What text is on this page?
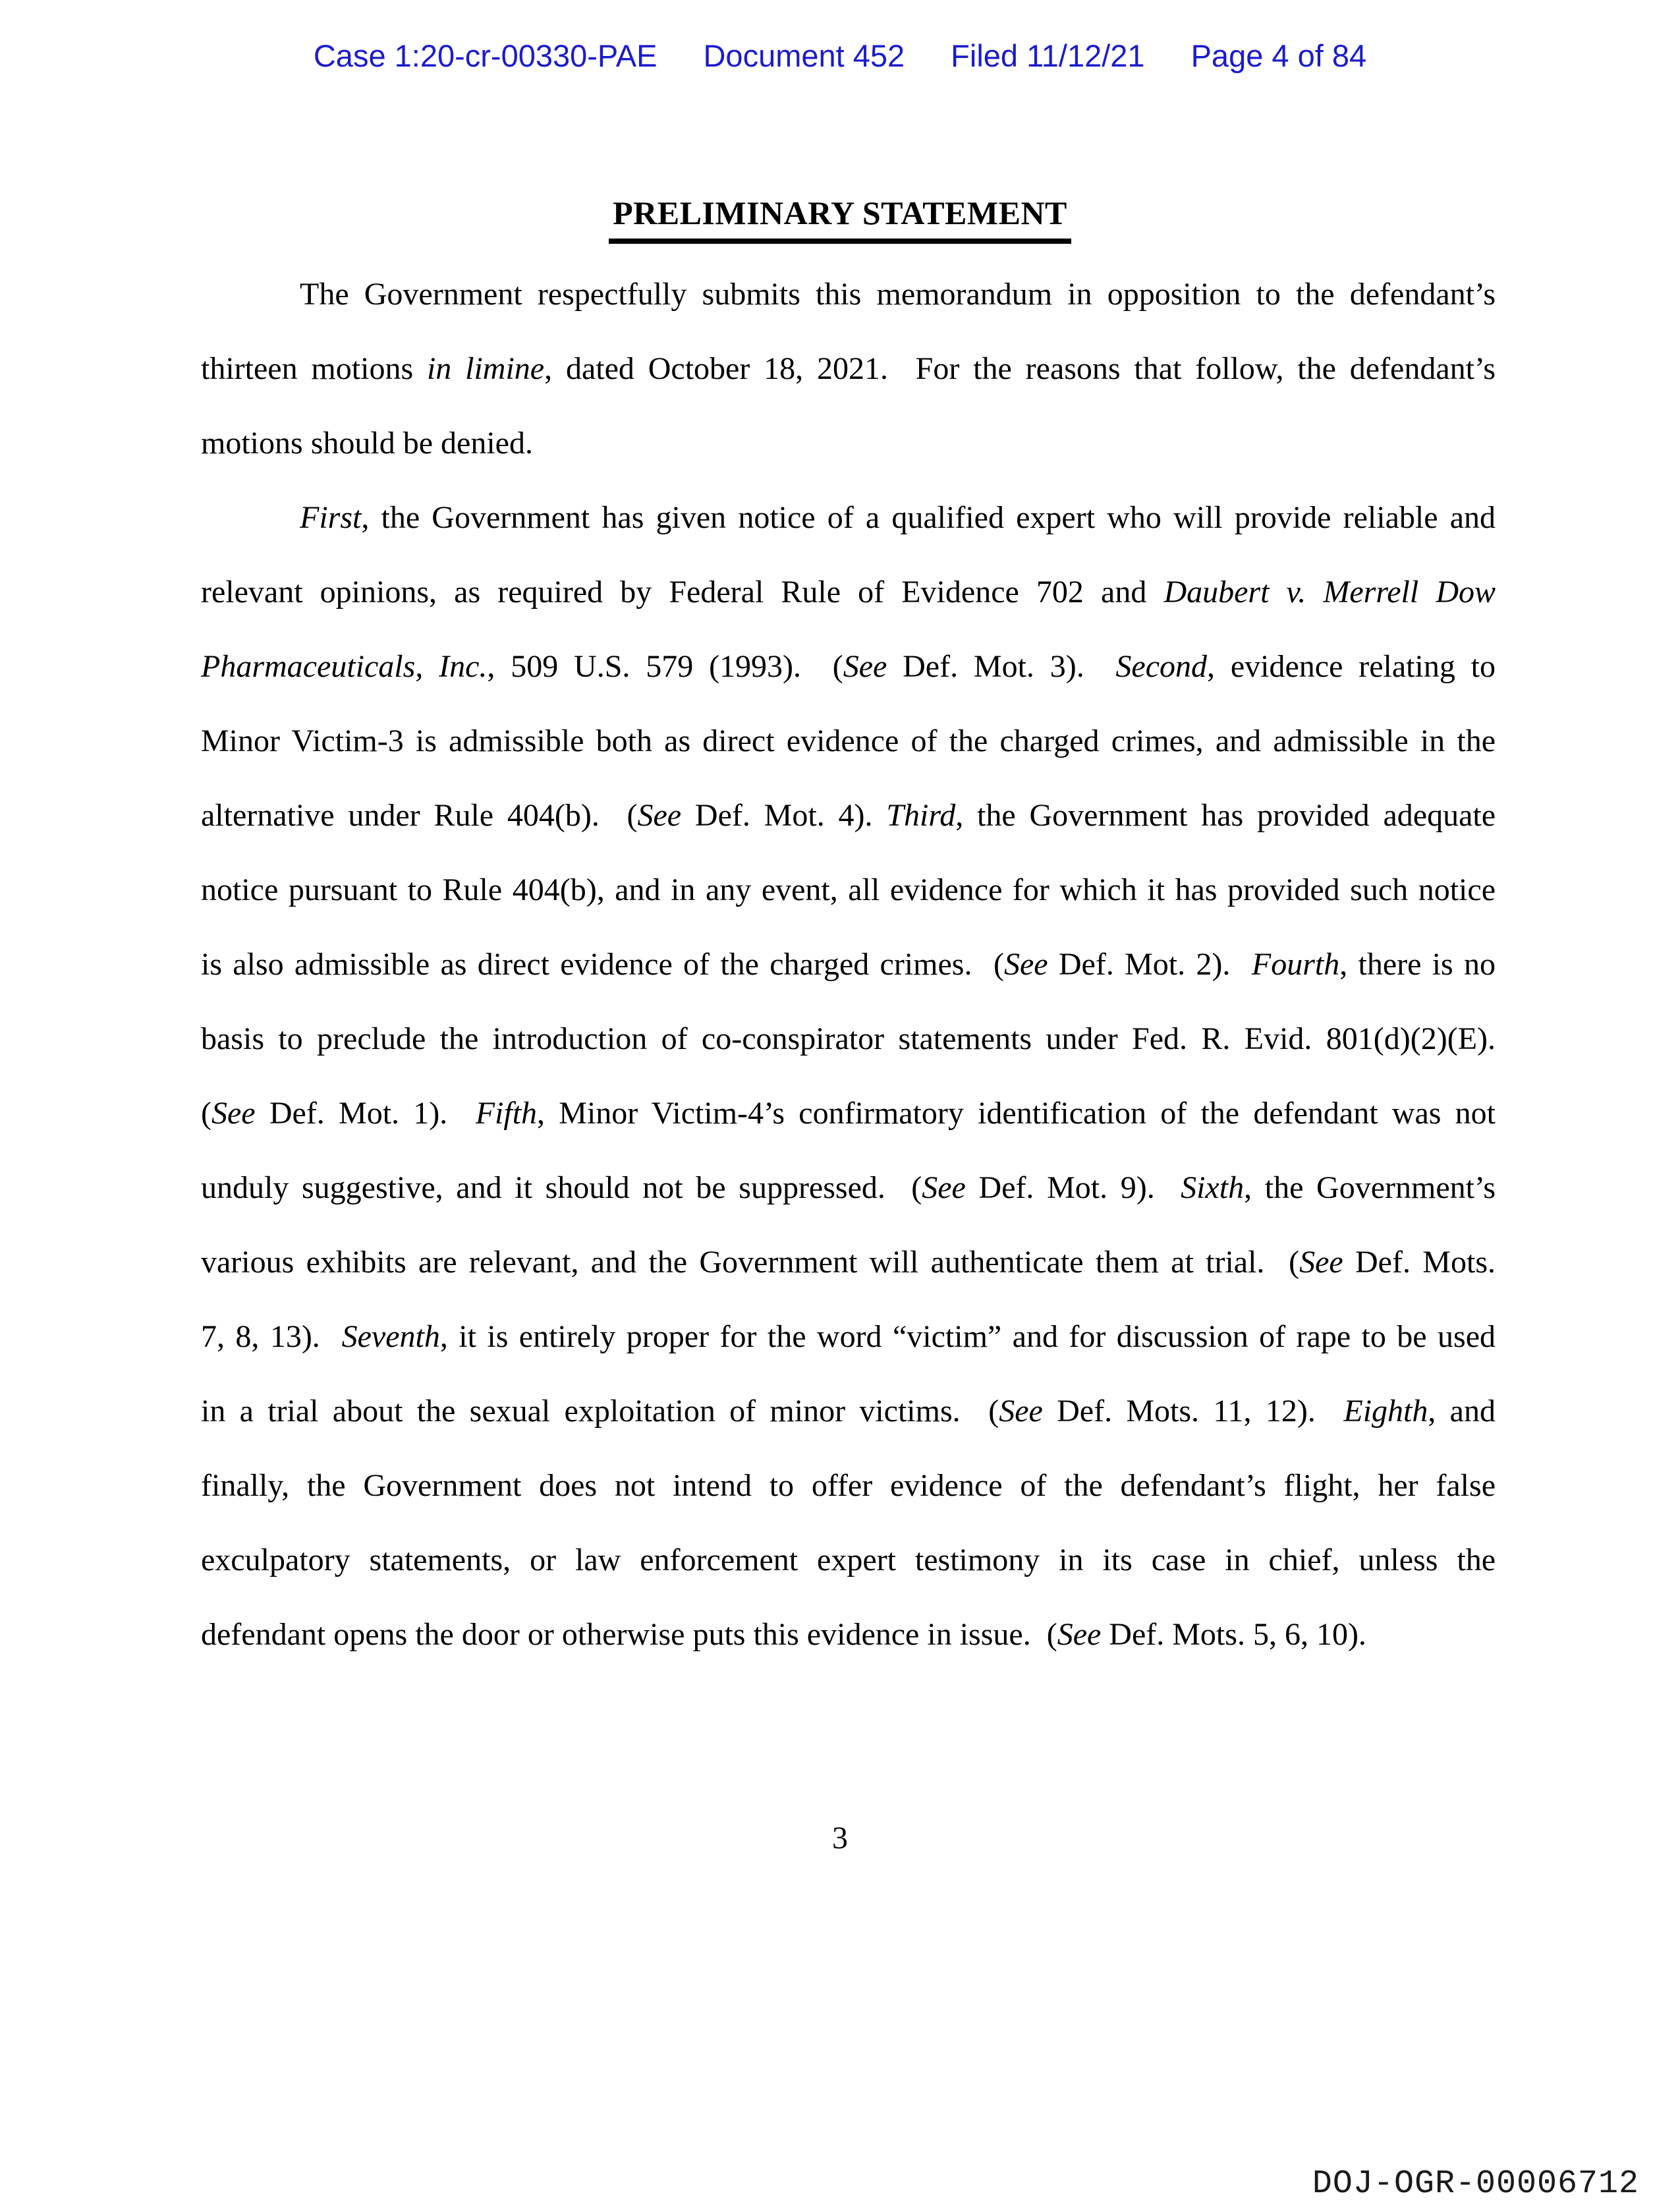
Case 1:20-cr-00330-PAE Document 452 Filed 11/12/21 Page 4 of 84
PRELIMINARY STATEMENT
The Government respectfully submits this memorandum in opposition to the defendant’s
thirteen motions in limine, dated October 18, 2021.  For the reasons that follow, the defendant’s
motions should be denied.
First, the Government has given notice of a qualified expert who will provide reliable and
relevant opinions, as required by Federal Rule of Evidence 702 and Daubert v. Merrell Dow
Pharmaceuticals, Inc., 509 U.S. 579 (1993).  (See Def. Mot. 3).  Second, evidence relating to
Minor Victim-3 is admissible both as direct evidence of the charged crimes, and admissible in the
alternative under Rule 404(b).  (See Def. Mot. 4). Third, the Government has provided adequate
notice pursuant to Rule 404(b), and in any event, all evidence for which it has provided such notice
is also admissible as direct evidence of the charged crimes.  (See Def. Mot. 2).  Fourth, there is no
basis to preclude the introduction of co-conspirator statements under Fed. R. Evid. 801(d)(2)(E).
(See Def. Mot. 1).  Fifth, Minor Victim-4’s confirmatory identification of the defendant was not
unduly suggestive, and it should not be suppressed.  (See Def. Mot. 9).  Sixth, the Government’s
various exhibits are relevant, and the Government will authenticate them at trial.  (See Def. Mots.
7, 8, 13).  Seventh, it is entirely proper for the word “victim” and for discussion of rape to be used
in a trial about the sexual exploitation of minor victims.  (See Def. Mots. 11, 12).  Eighth, and
finally, the Government does not intend to offer evidence of the defendant’s flight, her false
exculpatory statements, or law enforcement expert testimony in its case in chief, unless the
defendant opens the door or otherwise puts this evidence in issue.  (See Def. Mots. 5, 6, 10).
3
DOJ-OGR-00006712
